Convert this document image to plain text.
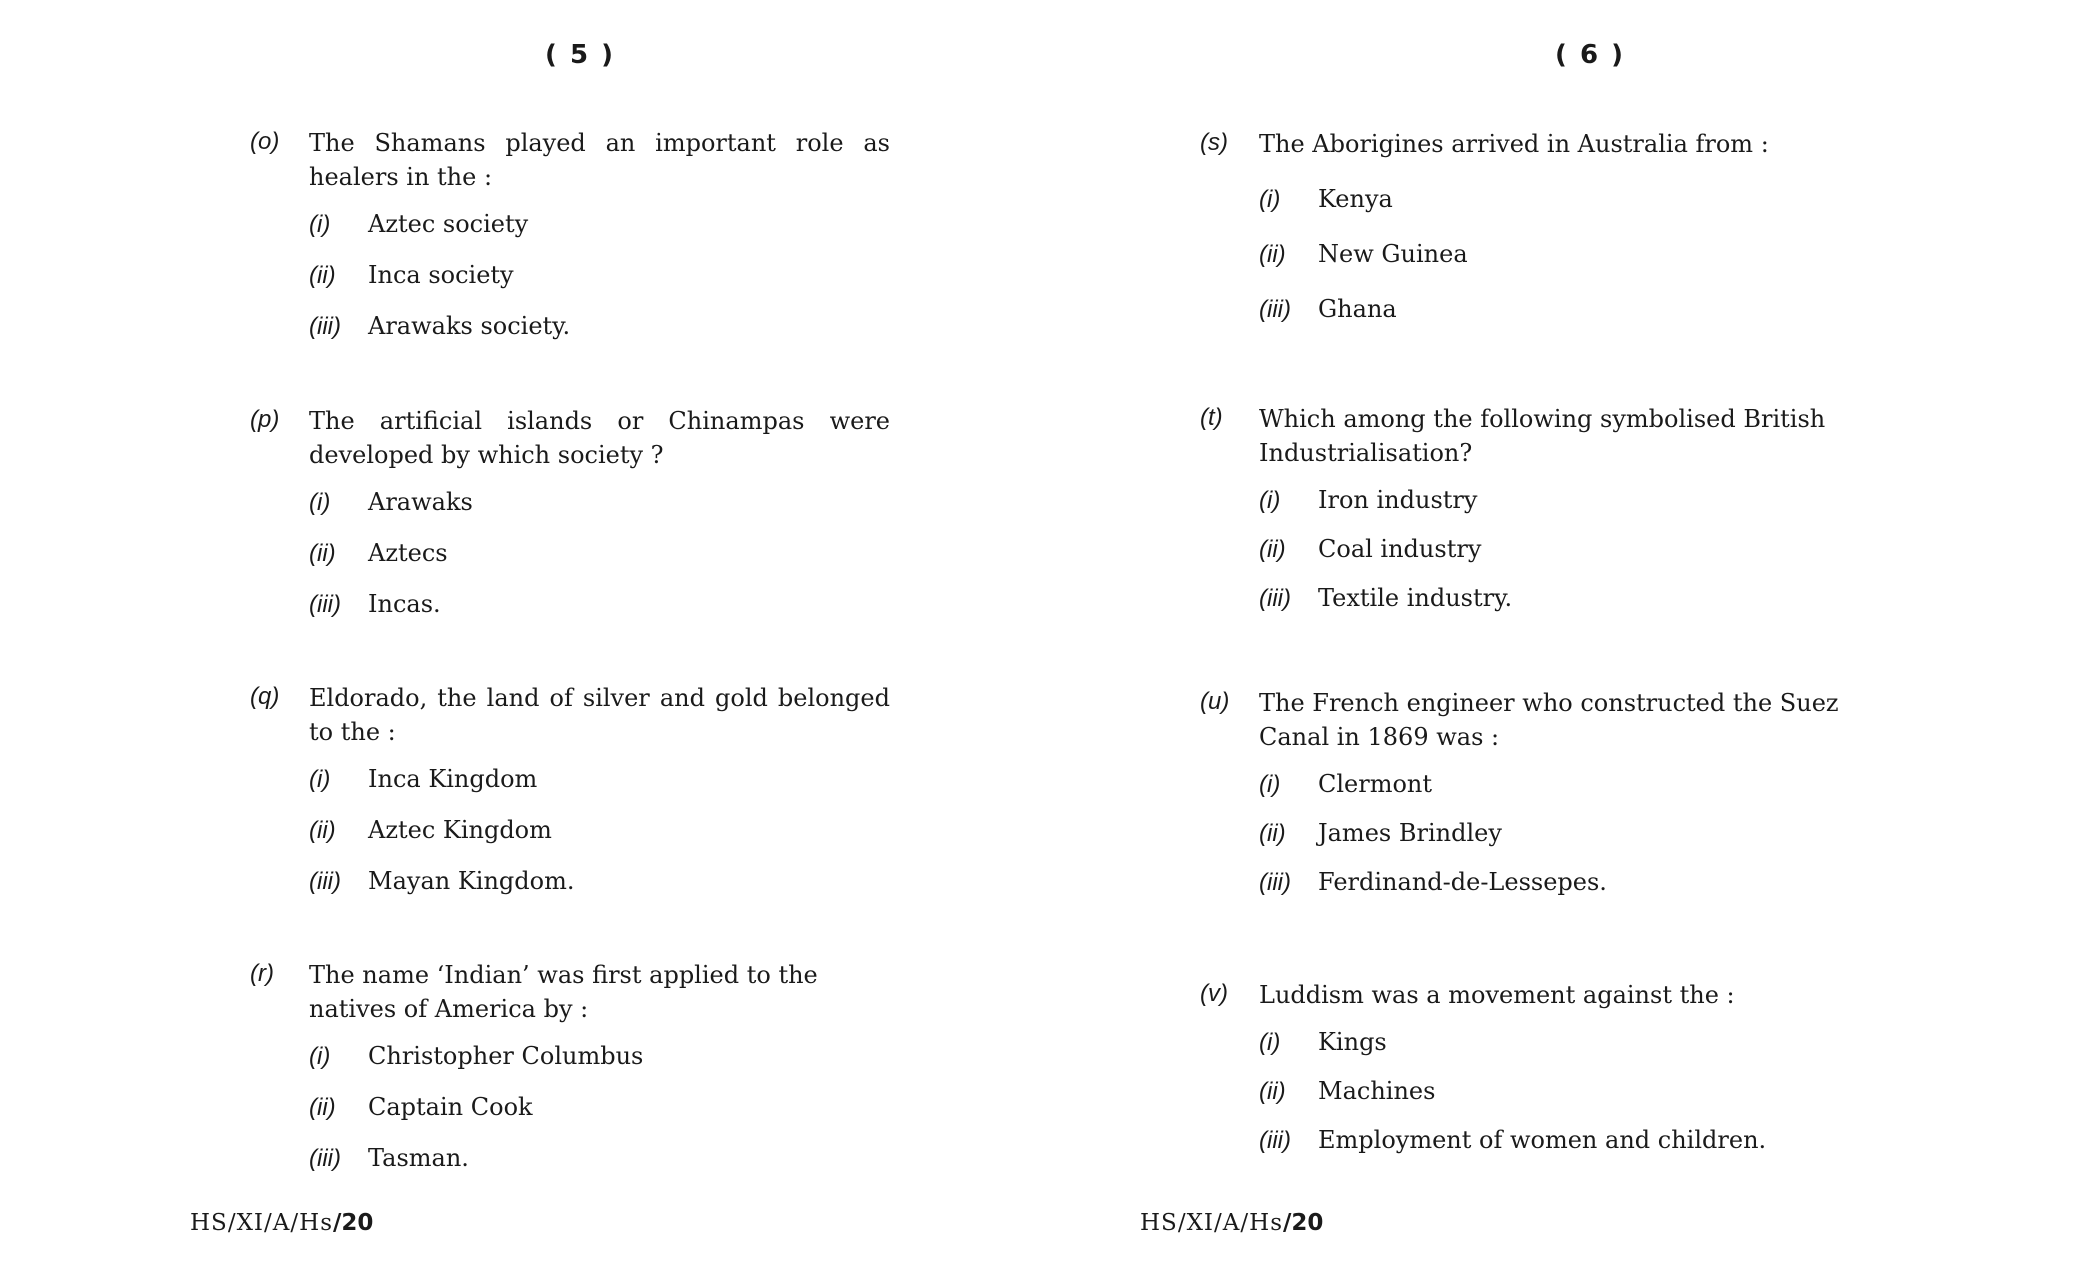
( 5 )
(o) The Shamans played an important role as healers in the :
(i) Aztec society
(ii) Inca society
(iii) Arawaks society.
(p) The artificial islands or Chinampas were developed by which society ?
(i) Arawaks
(ii) Aztecs
(iii) Incas.
(q) Eldorado, the land of silver and gold belonged to the :
(i) Inca Kingdom
(ii) Aztec Kingdom
(iii) Mayan Kingdom.
(r) The name ‘Indian’ was first applied to the natives of America by :
(i) Christopher Columbus
(ii) Captain Cook
(iii) Tasman.
HS/XI/A/Hs/20
( 6 )
(s) The Aborigines arrived in Australia from :
(i) Kenya
(ii) New Guinea
(iii) Ghana
(t) Which among the following symbolised British Industrialisation?
(i) Iron industry
(ii) Coal industry
(iii) Textile industry.
(u) The French engineer who constructed the Suez Canal in 1869 was :
(i) Clermont
(ii) James Brindley
(iii) Ferdinand-de-Lessepes.
(v) Luddism was a movement against the :
(i) Kings
(ii) Machines
(iii) Employment of women and children.
HS/XI/A/Hs/20
